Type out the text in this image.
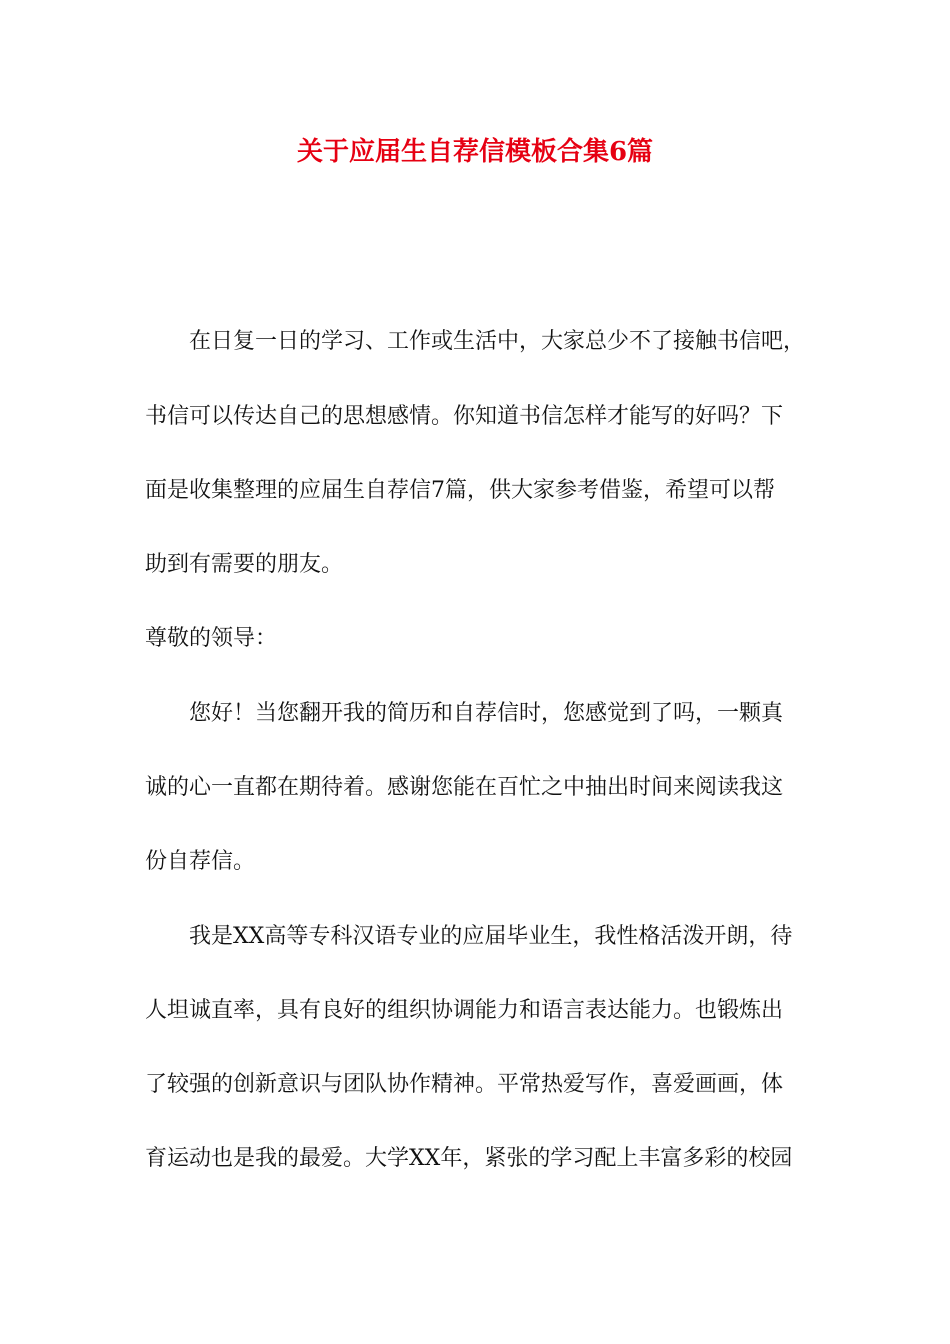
关于应届生自荐信模板合集6篇

在日复一日的学习、工作或生活中，大家总少不了接触书信吧，

书信可以传达自己的思想感情。你知道书信怎样才能写的好吗？下

面是收集整理的应届生自荐信7篇，供大家参考借鉴，希望可以帮

助到有需要的朋友。

尊敬的领导：

您好！当您翻开我的简历和自荐信时，您感觉到了吗，一颗真

诚的心一直都在期待着。感谢您能在百忙之中抽出时间来阅读我这

份自荐信。

我是XX高等专科汉语专业的应届毕业生，我性格活泼开朗，待

人坦诚直率，具有良好的组织协调能力和语言表达能力。也锻炼出

了较强的创新意识与团队协作精神。平常热爱写作，喜爱画画，体

育运动也是我的最爱。大学XX年，紧张的学习配上丰富多彩的校园
